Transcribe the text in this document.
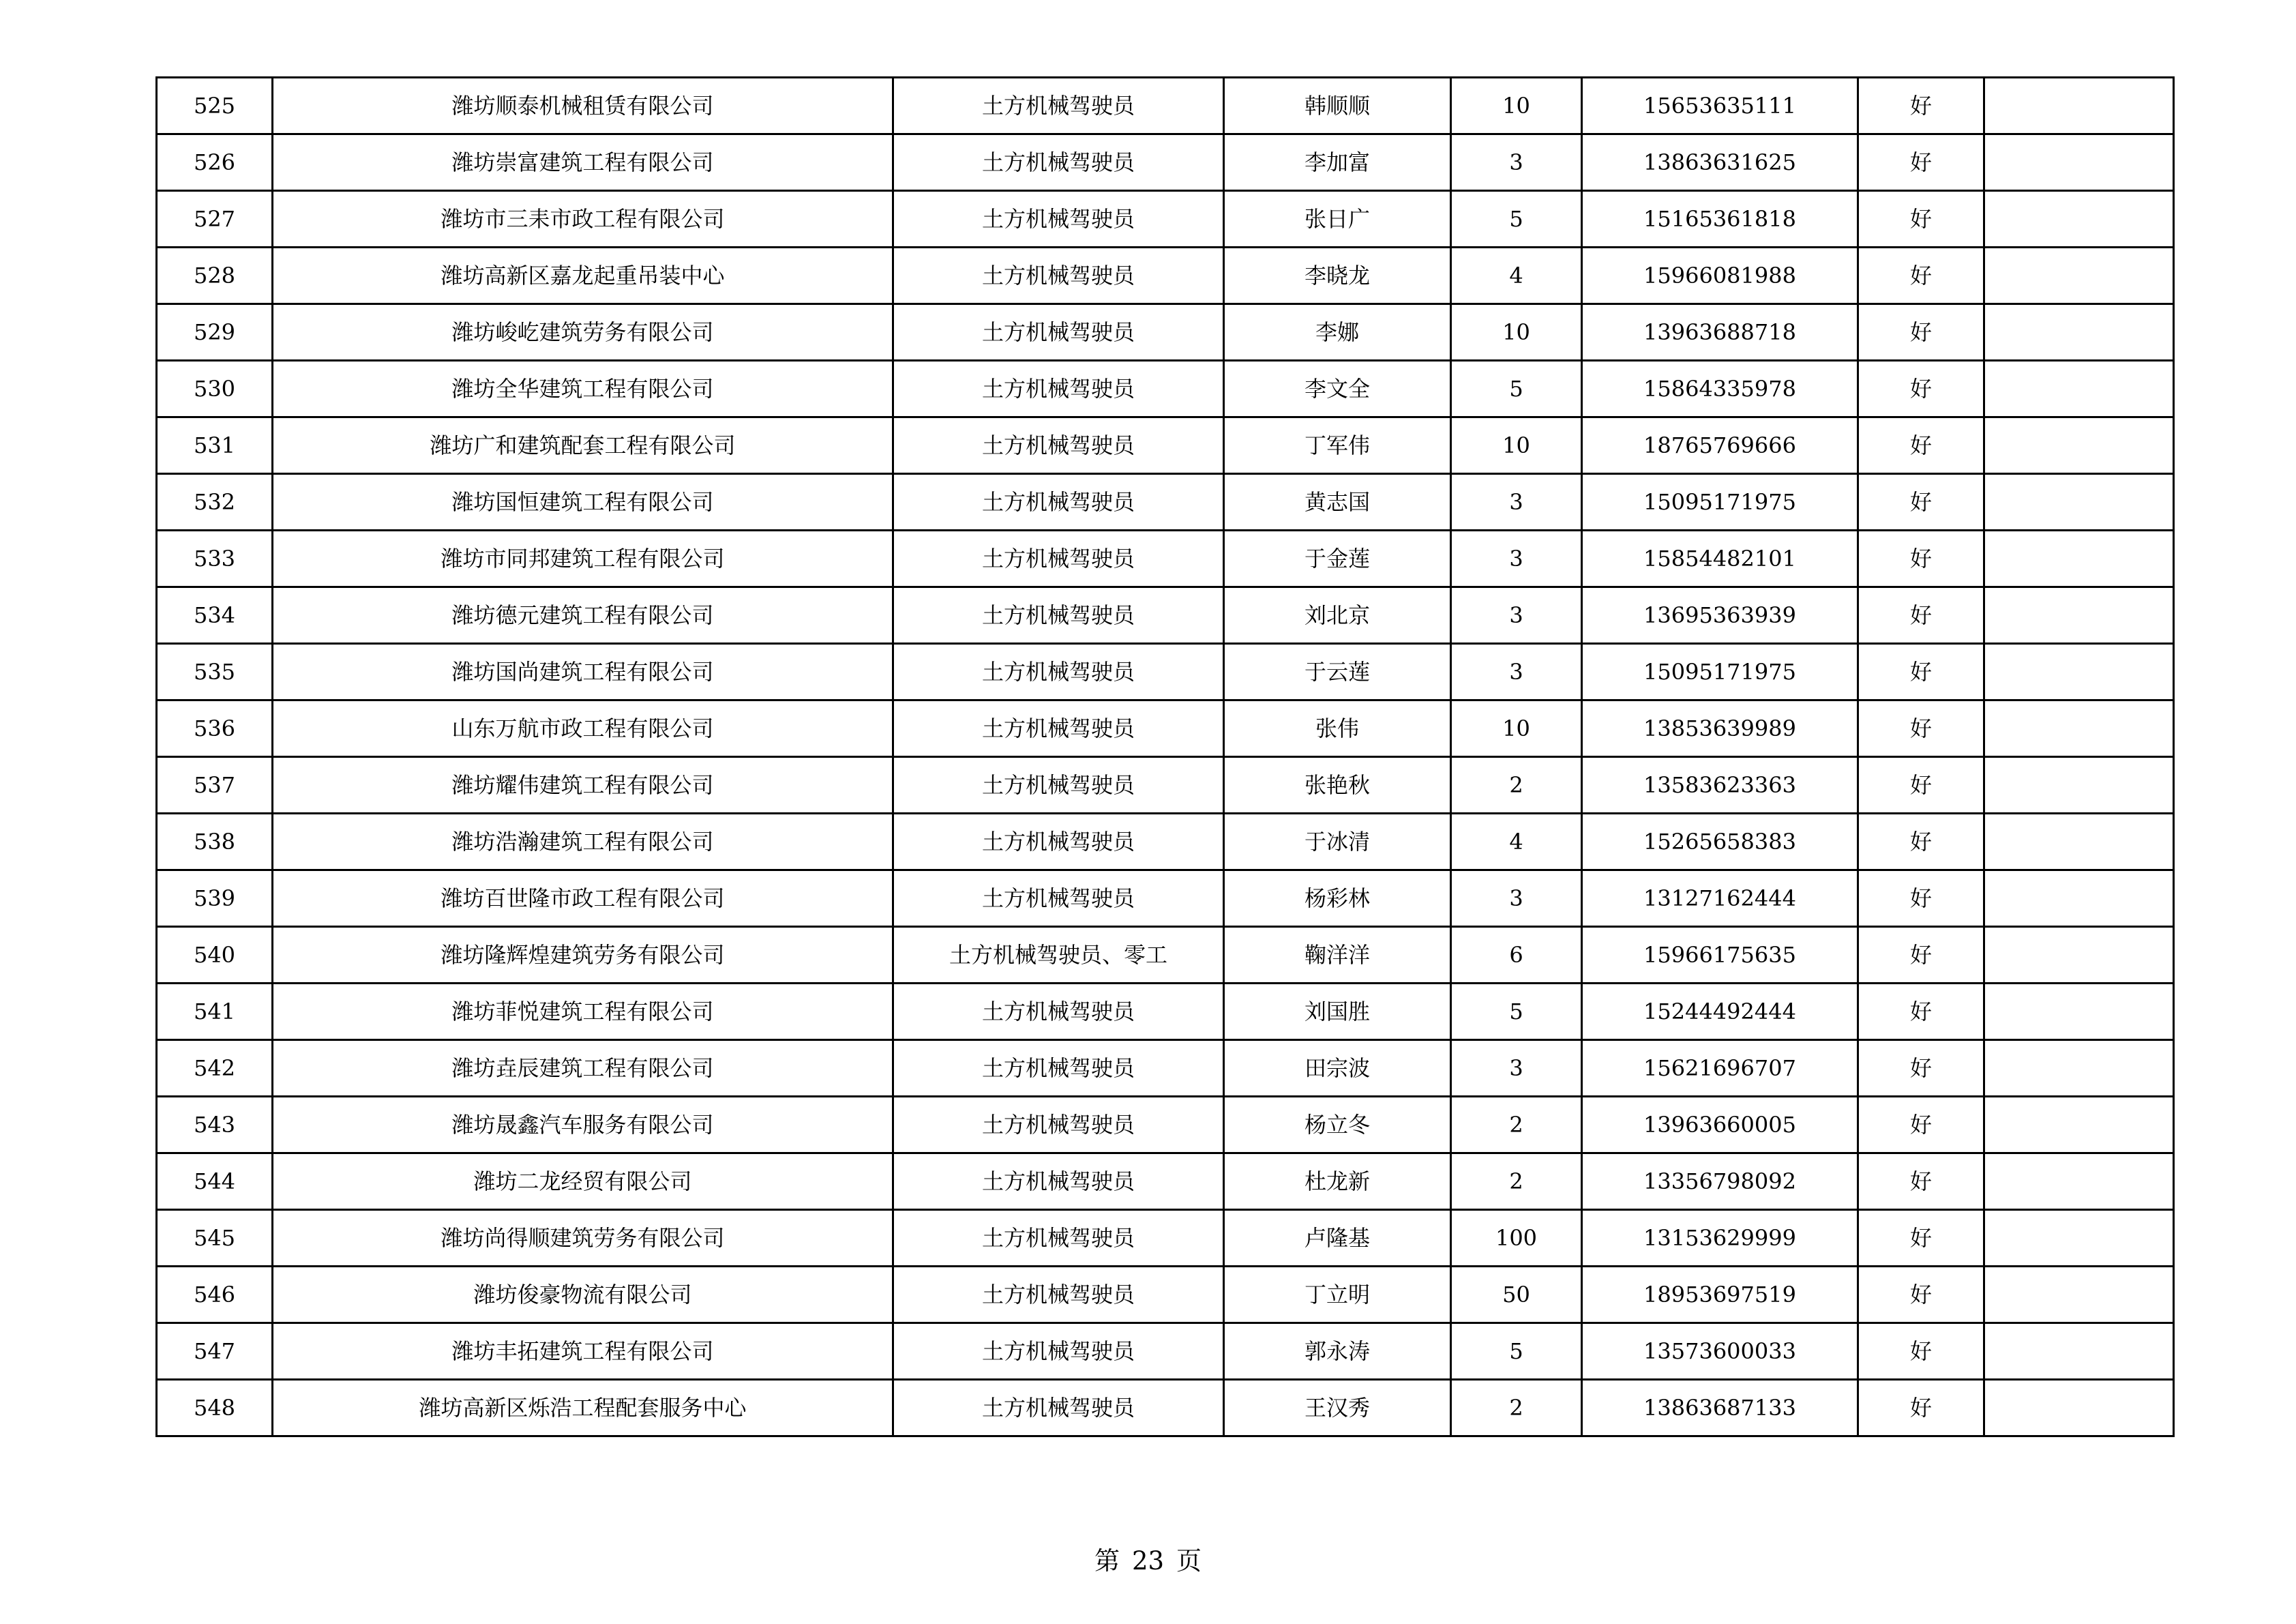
525	潍坊顺泰机械租赁有限公司	土方机械驾驶员	韩顺顺	10	15653635111	好	
526	潍坊崇富建筑工程有限公司	土方机械驾驶员	李加富	3	13863631625	好	
527	潍坊市三耒市政工程有限公司	土方机械驾驶员	张日广	5	15165361818	好	
528	潍坊高新区嘉龙起重吊装中心	土方机械驾驶员	李晓龙	4	15966081988	好	
529	潍坊峻屹建筑劳务有限公司	土方机械驾驶员	李娜	10	13963688718	好	
530	潍坊全华建筑工程有限公司	土方机械驾驶员	李文全	5	15864335978	好	
531	潍坊广和建筑配套工程有限公司	土方机械驾驶员	丁军伟	10	18765769666	好	
532	潍坊国恒建筑工程有限公司	土方机械驾驶员	黄志国	3	15095171975	好	
533	潍坊市同邦建筑工程有限公司	土方机械驾驶员	于金莲	3	15854482101	好	
534	潍坊德元建筑工程有限公司	土方机械驾驶员	刘北京	3	13695363939	好	
535	潍坊国尚建筑工程有限公司	土方机械驾驶员	于云莲	3	15095171975	好	
536	山东万航市政工程有限公司	土方机械驾驶员	张伟	10	13853639989	好	
537	潍坊耀伟建筑工程有限公司	土方机械驾驶员	张艳秋	2	13583623363	好	
538	潍坊浩瀚建筑工程有限公司	土方机械驾驶员	于冰清	4	15265658383	好	
539	潍坊百世隆市政工程有限公司	土方机械驾驶员	杨彩林	3	13127162444	好	
540	潍坊隆辉煌建筑劳务有限公司	土方机械驾驶员、零工	鞠洋洋	6	15966175635	好	
541	潍坊菲悦建筑工程有限公司	土方机械驾驶员	刘国胜	5	15244492444	好	
542	潍坊垚辰建筑工程有限公司	土方机械驾驶员	田宗波	3	15621696707	好	
543	潍坊晟鑫汽车服务有限公司	土方机械驾驶员	杨立冬	2	13963660005	好	
544	潍坊二龙经贸有限公司	土方机械驾驶员	杜龙新	2	13356798092	好	
545	潍坊尚得顺建筑劳务有限公司	土方机械驾驶员	卢隆基	100	13153629999	好	
546	潍坊俊豪物流有限公司	土方机械驾驶员	丁立明	50	18953697519	好	
547	潍坊丰拓建筑工程有限公司	土方机械驾驶员	郭永涛	5	13573600033	好	
548	潍坊高新区烁浩工程配套服务中心	土方机械驾驶员	王汉秀	2	13863687133	好	
第 23 页
